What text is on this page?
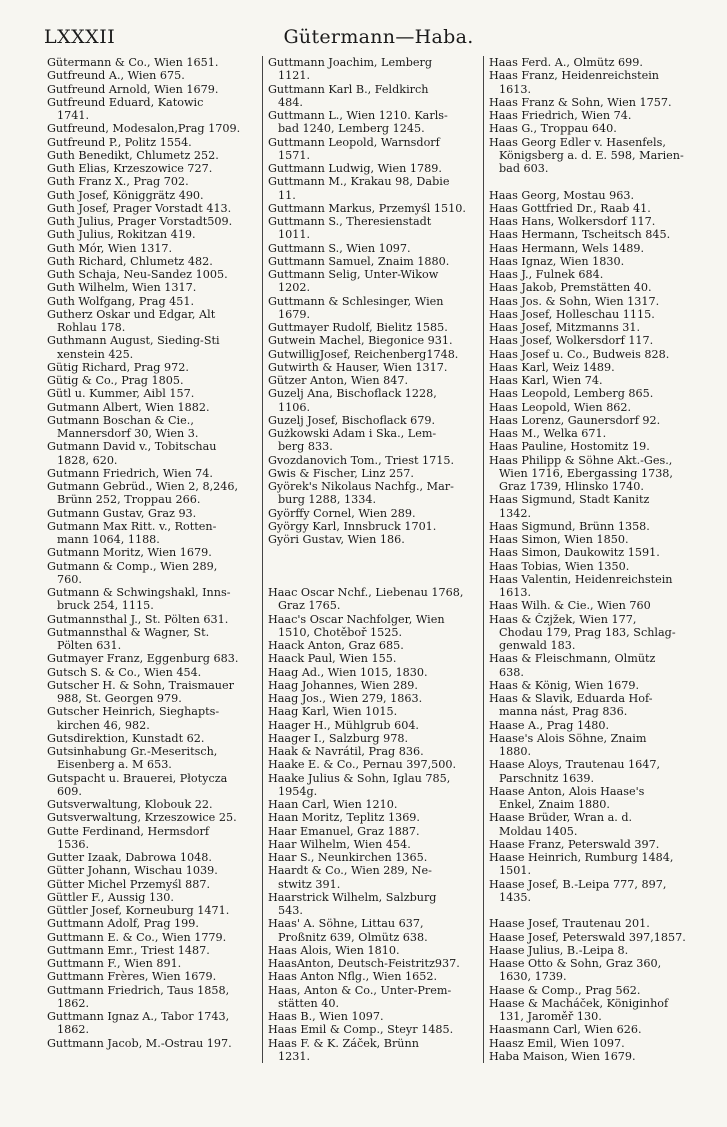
LXXXII	Gütermann—Haba.
Gütermann & Co., Wien 1651.
Gutfreund A., Wien 675.
Gutfreund Arnold, Wien 1679.
Gutfreund Eduard, Katowic
1741.
Gutfreund, Modesalon,Prag 1709.
Gutfreund P., Politz 1554.
Guth Benedikt, Chlumetz 252.
Guth Elias, Krzeszowice 727.
Guth Franz X., Prag 702.
Guth Josef, Königgrätz 490.
Guth Josef, Prager Vorstadt 413.
Guth Julius, Prager Vorstadt509.
Guth Julius, Rokitzan 419.
Guth Mór, Wien 1317.
Guth Richard, Chlumetz 482.
Guth Schaja, Neu-Sandez 1005.
Guth Wilhelm, Wien 1317.
Guth Wolfgang, Prag 451.
Gutherz Oskar und Edgar, Alt
Rohlau 178.
Guthmann August, Sieding-Sti
xenstein 425.
Gütig Richard, Prag 972.
Gütig & Co., Prag 1805.
Gütl u. Kummer, Aibl 157.
Gutmann Albert, Wien 1882.
Gutmann Boschan & Cie.,
Mannersdorf 30, Wien 3.
Gutmann David v., Tobitschau
1828, 620.
Gutmann Friedrich, Wien 74.
Gutmann Gebrüd., Wien 2, 8,246,
Brünn 252, Troppau 266.
Gutmann Gustav, Graz 93.
Gutmann Max Ritt. v., Rotten-
mann 1064, 1188.
Gutmann Moritz, Wien 1679.
Gutmann & Comp., Wien 289,
760.
Gutmann & Schwingshakl, Inns-
bruck 254, 1115.
Gutmannsthal J., St. Pölten 631.
Gutmannsthal & Wagner, St.
Pölten 631.
Gutmayer Franz, Eggenburg 683.
Gutsch S. & Co., Wien 454.
Gutscher H. & Sohn, Traismauer
988, St. Georgen 979.
Gutscher Heinrich, Sieghарts-
kirchen 46, 982.
Gutsdirektion, Kunstadt 62.
Gutsinhabung Gr.-Meseritsch,
Eisenberg a. M 653.
Gutspacht u. Brauerei, Płotycza
609.
Gutsverwaltung, Klobouk 22.
Gutsverwaltung, Krzeszowice 25.
Gutte Ferdinand, Hermsdorf
1536.
Gutter Izaak, Dabrowa 1048.
Gütter Johann, Wischau 1039.
Gütter Michel Przemyśl 887.
Güttler F., Aussig 130.
Güttler Josef, Korneuburg 1471.
Guttmann Adolf, Prag 199.
Guttmann E. & Co., Wien 1779.
Guttmann Emr., Triest 1487.
Guttmann F., Wien 891.
Guttmann Frères, Wien 1679.
Guttmann Friedrich, Taus 1858,
1862.
Guttmann Ignaz A., Tabor 1743,
1862.
Guttmann Jacob, M.-Ostrau 197.
Guttmann Joachim, Lemberg
1121.
Guttmann Karl B., Feldkirch
484.
Guttmann L., Wien 1210. Karls-
bad 1240, Lemberg 1245.
Guttmann Leopold, Warnsdorf
1571.
Guttmann Ludwig, Wien 1789.
Guttmann M., Krakau 98, Dabie
11.
Guttmann Markus, Przemyśl 1510.
Guttmann S., Theresienstadt
1011.
Guttmann S., Wien 1097.
Guttmann Samuel, Znaim 1880.
Guttmann Selig, Unter-Wikow
1202.
Guttmann & Schlesinger, Wien
1679.
Guttmayer Rudolf, Bielitz 1585.
Gutwein Machel, Biegonice 931.
GutwilligJosef, Reichenberg1748.
Gutwirth & Hauser, Wien 1317.
Gützer Anton, Wien 847.
Guzelj Ana, Bischoflack 1228,
1106.
Guzelj Josef, Bischoflack 679.
Gużkowski Adam i Ska., Lem-
berg 833.
Gvozdanovich Tom., Triest 1715.
Gwis & Fischer, Linz 257.
Györek's Nikolaus Nachfg., Mar-
burg 1288, 1334.
Györffy Cornel, Wien 289.
György Karl, Innsbruck 1701.
Györi Gustav, Wien 186.
Haac Oscar Nchf., Liebenau 1768,
Graz 1765.
Haac's Oscar Nachfolger, Wien
1510, Chotěboř 1525.
Haack Anton, Graz 685.
Haack Paul, Wien 155.
Haag Ad., Wien 1015, 1830.
Haag Johannes, Wien 289.
Haag Jos., Wien 279, 1863.
Haag Karl, Wien 1015.
Haager H., Mühlgrub 604.
Haager I., Salzburg 978.
Haak & Navrátil, Prag 836.
Haake E. & Co., Pernau 397,500.
Haake Julius & Sohn, Iglau 785,
1954g.
Haan Carl, Wien 1210.
Haan Moritz, Teplitz 1369.
Haar Emanuel, Graz 1887.
Haar Wilhelm, Wien 454.
Haar S., Neunkirchen 1365.
Haardt & Co., Wien 289, Ne-
stwitz 391.
Haarstrick Wilhelm, Salzburg
543.
Haas' A. Söhne, Littau 637,
Proßnitz 639, Olmütz 638.
Haas Alois, Wien 1810.
HaasAnton, Deutsch-Feistritz937.
Haas Anton Nflg., Wien 1652.
Haas, Anton & Co., Unter-Prem-
stätten 40.
Haas B., Wien 1097.
Haas Emil & Comp., Steyr 1485.
Haas F. & K. Záček, Brünn
1231.
Haas Ferd. A., Olmütz 699.
Haas Franz, Heidenreichstein
1613.
Haas Franz & Sohn, Wien 1757.
Haas Friedrich, Wien 74.
Haas G., Troppau 640.
Haas Georg Edler v. Hasenfels,
Königsberg a. d. E. 598, Marien-
bad 603.
Haas Georg, Mostau 963.
Haas Gottfried Dr., Raab 41.
Haas Hans, Wolkersdorf 117.
Haas Hermann, Tscheitsch 845.
Haas Hermann, Wels 1489.
Haas Ignaz, Wien 1830.
Haas J., Fulnek 684.
Haas Jakob, Premstätten 40.
Haas Jos. & Sohn, Wien 1317.
Haas Josef, Holleschau 1115.
Haas Josef, Mitzmanns 31.
Haas Josef, Wolkersdorf 117.
Haas Josef u. Co., Budweis 828.
Haas Karl, Weiz 1489.
Haas Karl, Wien 74.
Haas Leopold, Lemberg 865.
Haas Leopold, Wien 862.
Haas Lorenz, Gaunersdorf 92.
Haas M., Welka 671.
Haas Pauline, Hostomitz 19.
Haas Philipp & Söhne Akt.-Ges.,
Wien 1716, Ebergassing 1738,
Graz 1739, Hlinsko 1740.
Haas Sigmund, Stadt Kanitz
1342.
Haas Sigmund, Brünn 1358.
Haas Simon, Wien 1850.
Haas Simon, Daukowitz 1591.
Haas Tobias, Wien 1350.
Haas Valentin, Heidenreichstein
1613.
Haas Wilh. & Cie., Wien 760
Haas & Čzjžek, Wien 177,
Chodau 179, Prag 183, Schlag-
genwald 183.
Haas & Fleischmann, Olmütz
638.
Haas & König, Wien 1679.
Haas & Slavik, Eduarda Hof-
manna nást, Prag 836.
Haase A., Prag 1480.
Haase's Alois Söhne, Znaim
1880.
Haase Aloys, Trautenau 1647,
Parschnitz 1639.
Haase Anton, Alois Haase's
Enkel, Znaim 1880.
Haase Brüder, Wran a. d.
Moldau 1405.
Haase Franz, Peterswald 397.
Haase Heinrich, Rumburg 1484,
1501.
Haase Josef, B.-Leipa 777, 897,
1435.
Haase Josef, Trautenau 201.
Haase Josef, Peterswald 397,1857.
Haase Julius, B.-Leipa 8.
Haase Otto & Sohn, Graz 360,
1630, 1739.
Haase & Comp., Prag 562.
Haase & Macháček, Königinhof
131, Jaroměř 130.
Haasmann Carl, Wien 626.
Haasz Emil, Wien 1097.
Haba Maison, Wien 1679.
